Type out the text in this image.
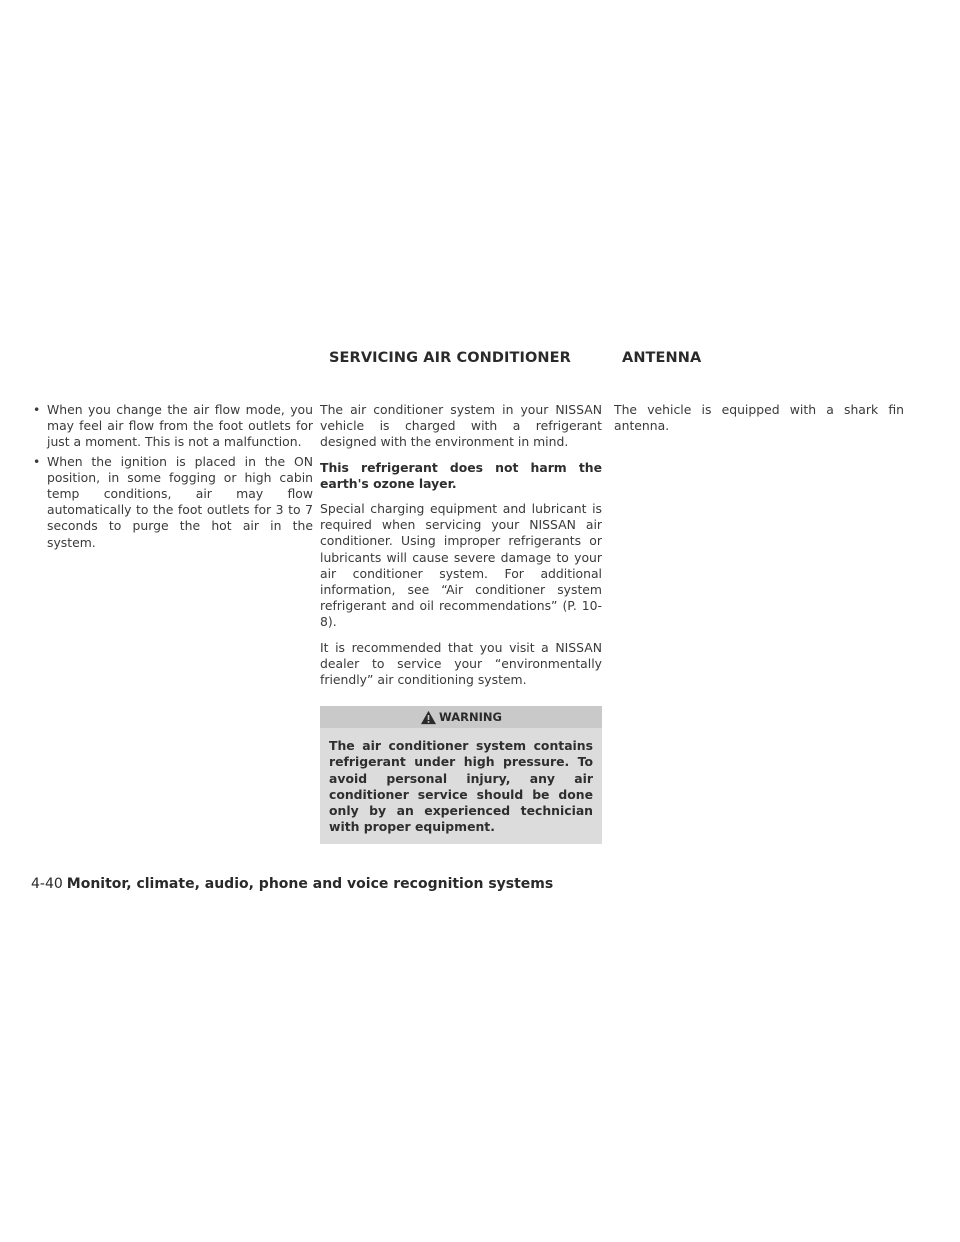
SERVICING AIR CONDITIONER	ANTENNA
• When you change the air flow mode, you may feel air flow from the foot outlets for just a moment. This is not a malfunction.
• When the ignition is placed in the ON position, in some fogging or high cabin temp conditions, air may flow automatically to the foot outlets for 3 to 7 seconds to purge the hot air in the system.

The air conditioner system in your NISSAN vehicle is charged with a refrigerant designed with the environment in mind.

This refrigerant does not harm the earth's ozone layer.

Special charging equipment and lubricant is required when servicing your NISSAN air conditioner. Using improper refrigerants or lubricants will cause severe damage to your air conditioner system. For additional information, see “Air conditioner system refrigerant and oil recommendations” (P. 10-8).

It is recommended that you visit a NISSAN dealer to service your “environmentally friendly” air conditioning system.

WARNING
The air conditioner system contains refrigerant under high pressure. To avoid personal injury, any air conditioner service should be done only by an experienced technician with proper equipment.

The vehicle is equipped with a shark fin antenna.

4-40 Monitor, climate, audio, phone and voice recognition systems
